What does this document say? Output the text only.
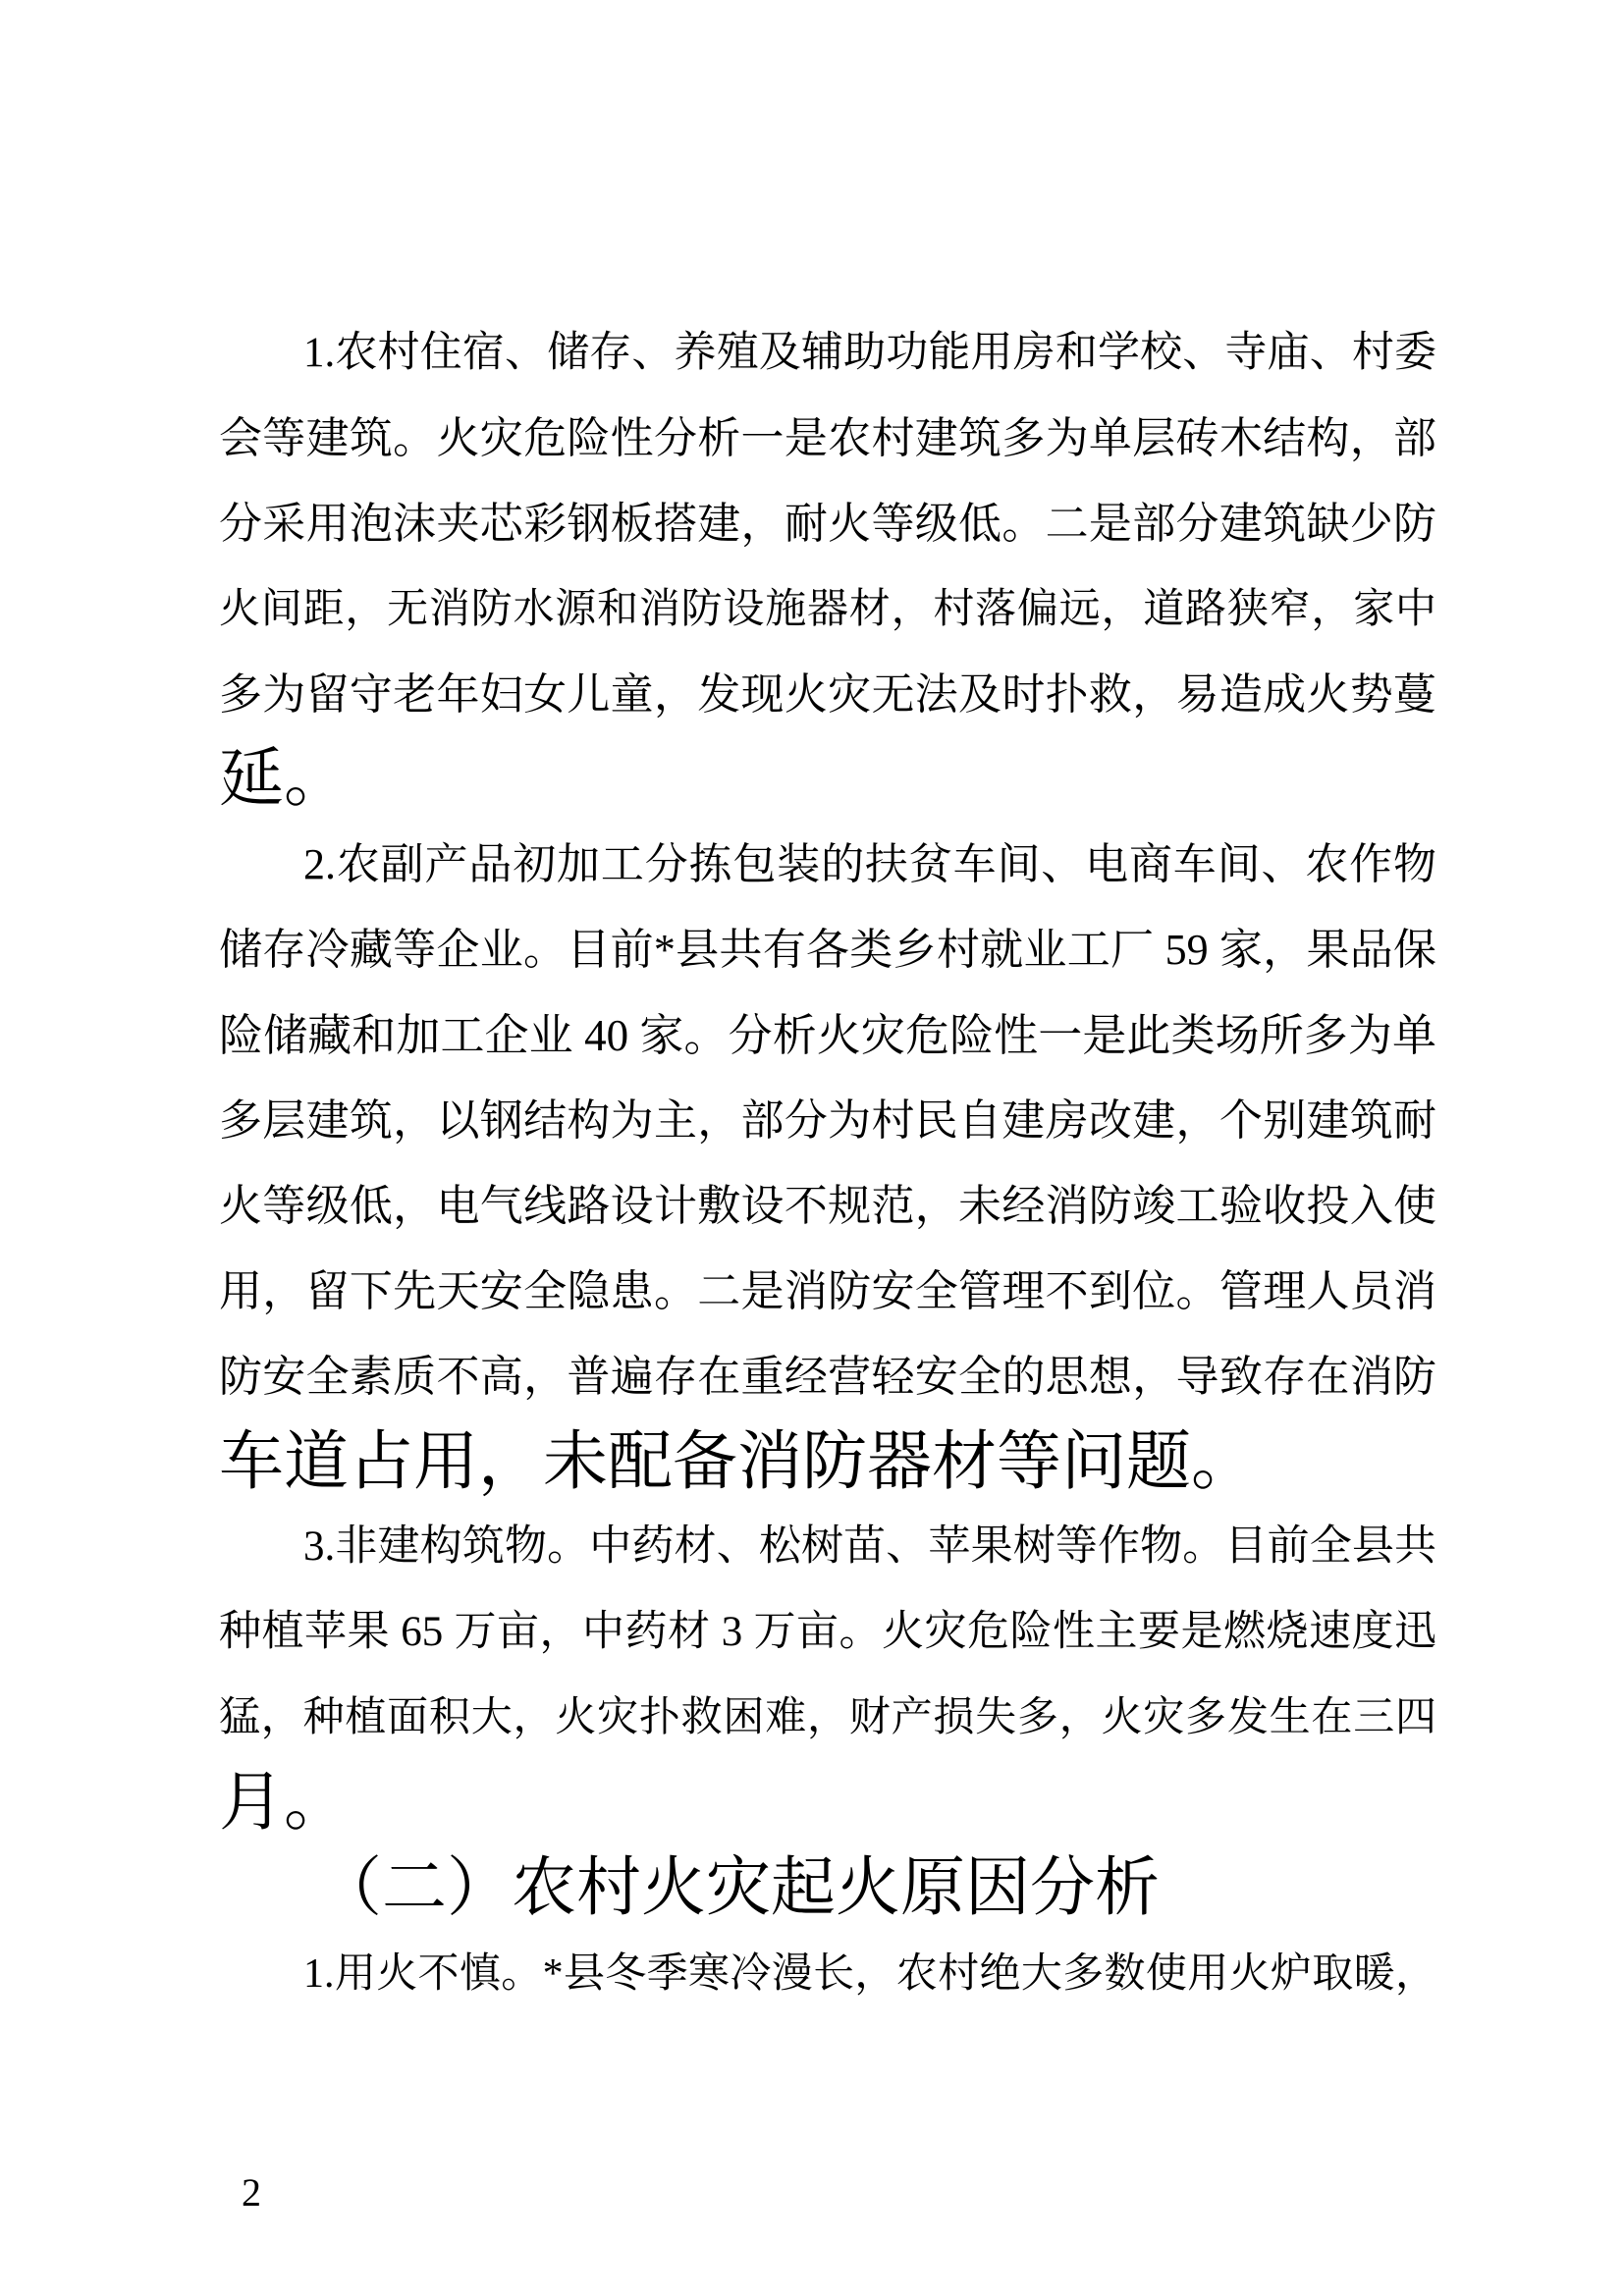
1.农村住宿、储存、养殖及辅助功能用房和学校、寺庙、村委
会等建筑。火灾危险性分析一是农村建筑多为单层砖木结构，部
分采用泡沫夹芯彩钢板搭建，耐火等级低。二是部分建筑缺少防
火间距，无消防水源和消防设施器材，村落偏远，道路狭窄，家中
多为留守老年妇女儿童，发现火灾无法及时扑救，易造成火势蔓
延。
2.农副产品初加工分拣包装的扶贫车间、电商车间、农作物
储存冷藏等企业。目前*县共有各类乡村就业工厂 59 家，果品保
险储藏和加工企业 40 家。分析火灾危险性一是此类场所多为单
多层建筑，以钢结构为主，部分为村民自建房改建，个别建筑耐
火等级低，电气线路设计敷设不规范，未经消防竣工验收投入使
用，留下先天安全隐患。二是消防安全管理不到位。管理人员消
防安全素质不高，普遍存在重经营轻安全的思想，导致存在消防
车道占用，未配备消防器材等问题。
3.非建构筑物。中药材、松树苗、苹果树等作物。目前全县共
种植苹果 65 万亩，中药材 3 万亩。火灾危险性主要是燃烧速度迅
猛，种植面积大，火灾扑救困难，财产损失多，火灾多发生在三四
月。
（二）农村火灾起火原因分析
1.用火不慎。*县冬季寒冷漫长，农村绝大多数使用火炉取暖，
2
